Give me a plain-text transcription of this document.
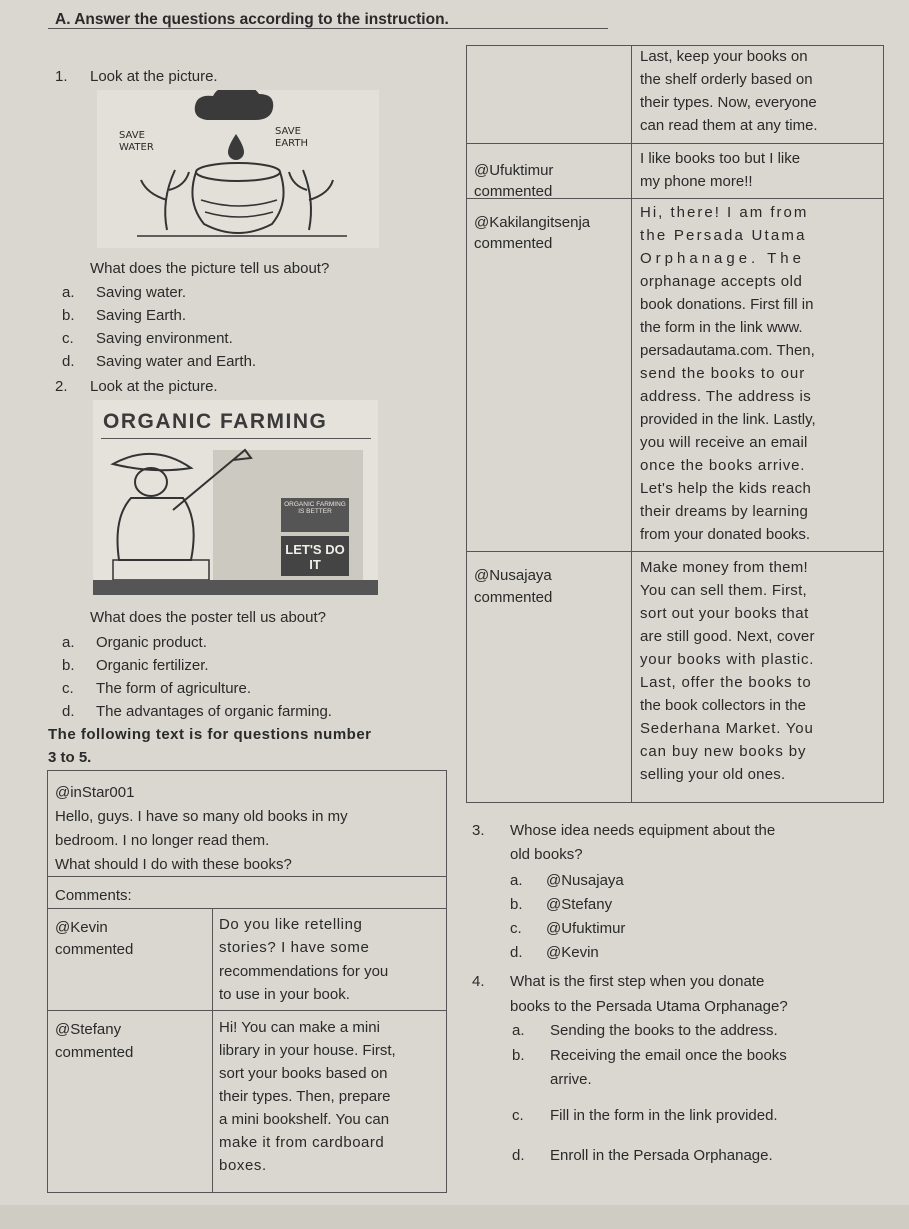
A. Answer the questions according to the instruction.
1. Look at the picture.
SAVE WATER
SAVE EARTH
What does the picture tell us about?
a. Saving water.
b. Saving Earth.
c. Saving environment.
d. Saving water and Earth.
2. Look at the picture.
ORGANIC FARMING
ORGANIC FARMING IS BETTER
LET'S DO IT
What does the poster tell us about?
a. Organic product.
b. Organic fertilizer.
c. The form of agriculture.
d. The advantages of organic farming.
The following text is for questions number
3 to 5.
@inStar001
Hello, guys. I have so many old books in my
bedroom. I no longer read them.
What should I do with these books?
Comments:
@Kevin
commented
Do you like retelling
stories? I have some
recommendations for you
to use in your book.
@Stefany
commented
Hi! You can make a mini
library in your house. First,
sort your books based on
their types. Then, prepare
a mini bookshelf. You can
make it from cardboard
boxes.
Last, keep your books on
the shelf orderly based on
their types. Now, everyone
can read them at any time.
@Ufuktimur
commented
I like books too but I like
my phone more!!
@Kakilangitsenja
commented
Hi, there! I am from
the Persada Utama
Orphanage. The
orphanage accepts old
book donations. First fill in
the form in the link www.
persadautama.com. Then,
send the books to our
address. The address is
provided in the link. Lastly,
you will receive an email
once the books arrive.
Let's help the kids reach
their dreams by learning
from your donated books.
@Nusajaya
commented
Make money from them!
You can sell them. First,
sort out your books that
are still good. Next, cover
your books with plastic.
Last, offer the books to
the book collectors in the
Sederhana Market. You
can buy new books by
selling your old ones.
3. Whose idea needs equipment about the
old books?
a. @Nusajaya
b. @Stefany
c. @Ufuktimur
d. @Kevin
4. What is the first step when you donate
books to the Persada Utama Orphanage?
a. Sending the books to the address.
b. Receiving the email once the books
arrive.
c. Fill in the form in the link provided.
d. Enroll in the Persada Orphanage.
